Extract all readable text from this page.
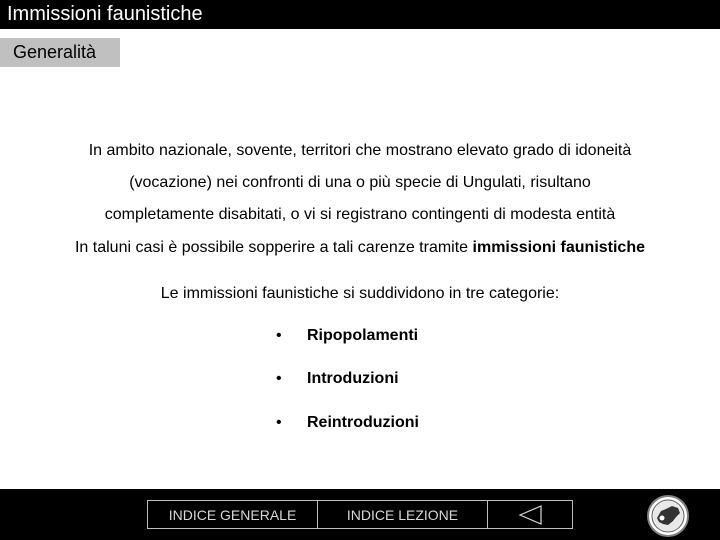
Immissioni faunistiche
Generalità
In ambito nazionale, sovente, territori che mostrano elevato grado di idoneità
(vocazione) nei confronti di una o più specie di Ungulati, risultano
completamente disabitati, o vi si registrano contingenti di modesta entità
In taluni casi è possibile sopperire a tali carenze tramite immissioni faunistiche
Le immissioni faunistiche si suddividono in tre categorie:
•	Ripopolamenti
•	Introduzioni
•	Reintroduzioni
INDICE GENERALE	INDICE LEZIONE
